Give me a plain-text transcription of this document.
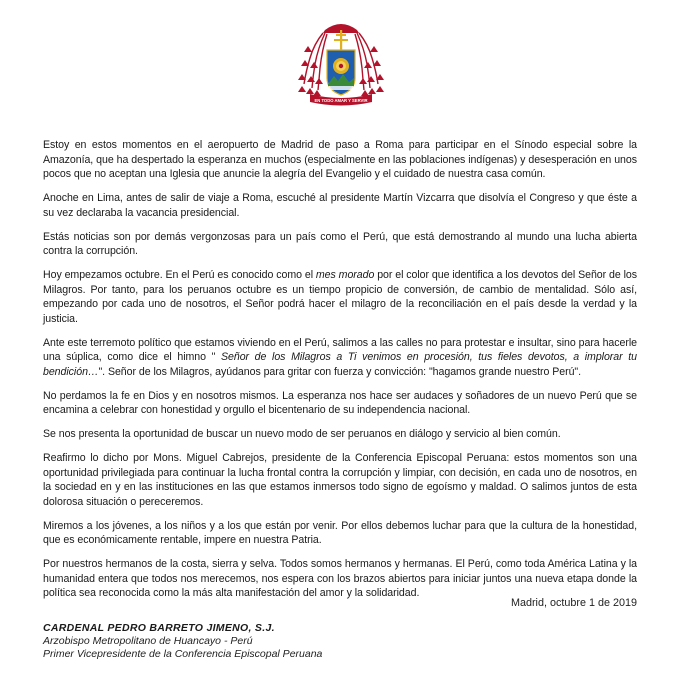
EN TODO AMAR Y SERVIR

Estoy en estos momentos en el aeropuerto de Madrid de paso a Roma para participar en el Sínodo especial sobre la Amazonía, que ha despertado la esperanza en muchos (especialmente en las poblaciones indígenas) y desesperación en unos pocos que no aceptan una Iglesia que anuncie la alegría del Evangelio y el cuidado de nuestra casa común.

Anoche en Lima, antes de salir de viaje a Roma, escuché al presidente Martín Vizcarra que disolvía el Congreso y que éste a su vez declaraba la vacancia presidencial.

Estás noticias son por demás vergonzosas para un país como el Perú, que está demostrando al mundo una lucha abierta contra la corrupción.

Hoy empezamos octubre. En el Perú es conocido como el mes morado por el color que identifica a los devotos del Señor de los Milagros. Por tanto, para los peruanos octubre es un tiempo propicio de conversión, de cambio de mentalidad. Sólo así, empezando por cada uno de nosotros, el Señor podrá hacer el milagro de la reconciliación en el país desde la verdad y la justicia.

Ante este terremoto político que estamos viviendo en el Perú, salimos a las calles no para protestar e insultar, sino para hacerle una súplica, como dice el himno " Señor de los Milagros a Ti venimos en procesión, tus fieles devotos, a implorar tu bendición…". Señor de los Milagros, ayúdanos para gritar con fuerza y convicción: "hagamos grande nuestro Perú".

No perdamos la fe en Dios y en nosotros mismos. La esperanza nos hace ser audaces y soñadores de un nuevo Perú que se encamina a celebrar con honestidad y orgullo el bicentenario de su independencia nacional.

Se nos presenta la oportunidad de buscar un nuevo modo de ser peruanos en diálogo y servicio al bien común.

Reafirmo lo dicho por Mons. Miguel Cabrejos, presidente de la Conferencia Episcopal Peruana: estos momentos son una oportunidad privilegiada para continuar la lucha frontal contra la corrupción y limpiar, con decisión, en cada uno de nosotros, en la sociedad en y en las instituciones en las que estamos inmersos todo signo de egoísmo y maldad. O salimos juntos de esta dolorosa situación o pereceremos.

Miremos a los jóvenes, a los niños y a los que están por venir. Por ellos debemos luchar para que la cultura de la honestidad, que es económicamente rentable, impere en nuestra Patria.

Por nuestros hermanos de la costa, sierra y selva. Todos somos hermanos y hermanas. El Perú, como toda América Latina y la humanidad entera que todos nos merecemos, nos espera con los brazos abiertos para iniciar juntos una nueva etapa donde la política sea reconocida como la más alta manifestación del amor y la solidaridad.

Madrid, octubre 1 de 2019
CARDENAL PEDRO BARRETO JIMENO, S.J.
Arzobispo Metropolitano de Huancayo - Perú
Primer Vicepresidente de la Conferencia Episcopal Peruana
